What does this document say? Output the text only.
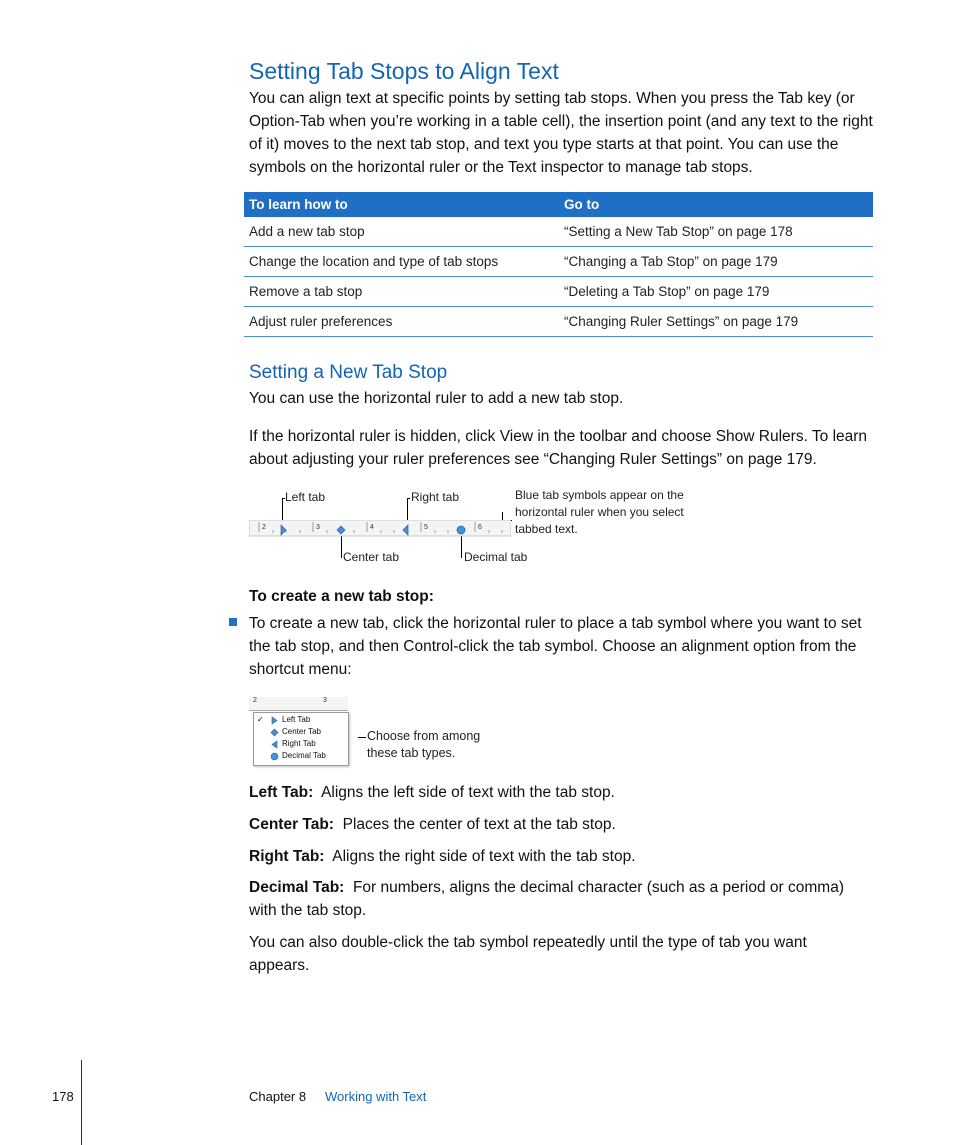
Setting Tab Stops to Align Text
You can align text at specific points by setting tab stops. When you press the Tab key (or Option-Tab when you’re working in a table cell), the insertion point (and any text to the right of it) moves to the next tab stop, and text you type starts at that point. You can use the symbols on the horizontal ruler or the Text inspector to manage tab stops.
To learn how to	Go to
Add a new tab stop	“Setting a New Tab Stop” on page 178
Change the location and type of tab stops	“Changing a Tab Stop” on page 179
Remove a tab stop	“Deleting a Tab Stop” on page 179
Adjust ruler preferences	“Changing Ruler Settings” on page 179
Setting a New Tab Stop
You can use the horizontal ruler to add a new tab stop.
If the horizontal ruler is hidden, click View in the toolbar and choose Show Rulers. To learn about adjusting your ruler preferences see “Changing Ruler Settings” on page 179.
Left tab	Right tab
Center tab	Decimal tab
Blue tab symbols appear on the horizontal ruler when you select tabbed text.
2	3	4	5	6
To create a new tab stop:
To create a new tab, click the horizontal ruler to place a tab symbol where you want to set the tab stop, and then Control-click the tab symbol. Choose an alignment option from the shortcut menu:
2	3
✓ Left Tab
Center Tab
Right Tab
Decimal Tab
Choose from among these tab types.
Left Tab: Aligns the left side of text with the tab stop.
Center Tab: Places the center of text at the tab stop.
Right Tab: Aligns the right side of text with the tab stop.
Decimal Tab: For numbers, aligns the decimal character (such as a period or comma) with the tab stop.
You can also double-click the tab symbol repeatedly until the type of tab you want appears.
178	Chapter 8 Working with Text
